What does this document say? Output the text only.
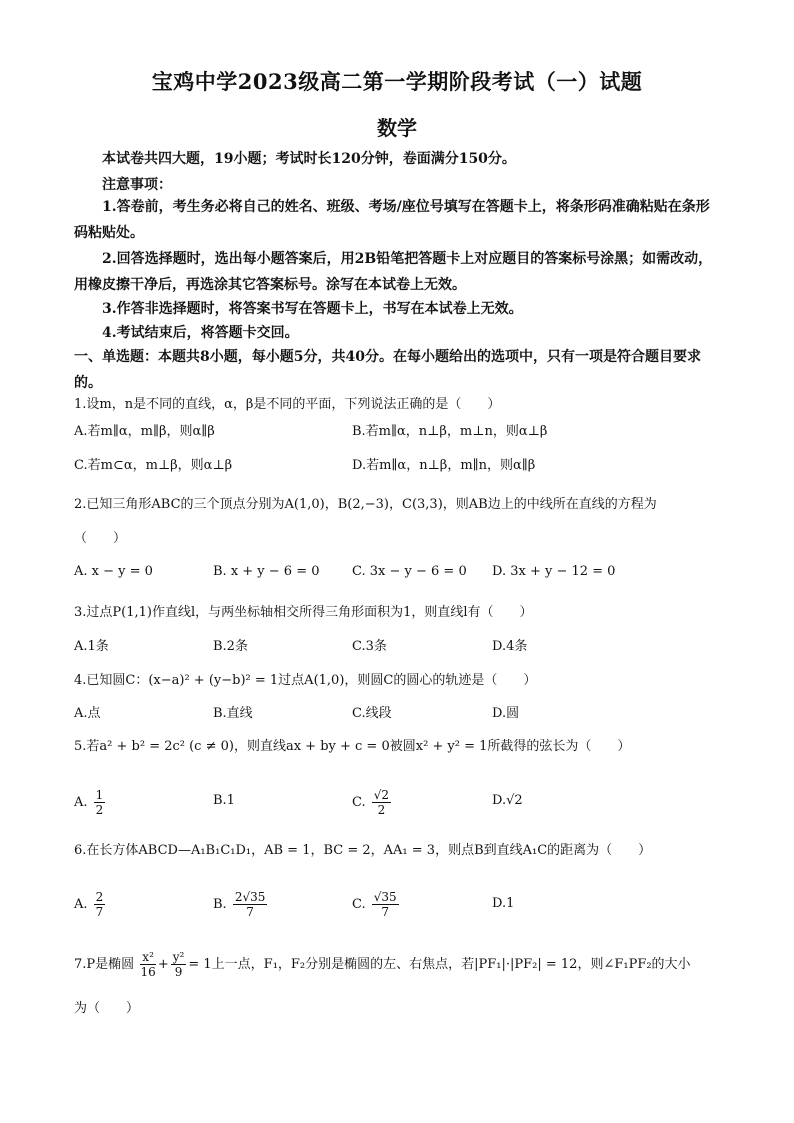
宝鸡中学2023级高二第一学期阶段考试（一）试题
数学
本试卷共四大题，19小题；考试时长120分钟，卷面满分150分。
注意事项：
1.答卷前，考生务必将自己的姓名、班级、考场/座位号填写在答题卡上，将条形码准确粘贴在条形码粘贴处。
2.回答选择题时，选出每小题答案后，用2B铅笔把答题卡上对应题目的答案标号涂黑；如需改动，用橡皮擦干净后，再选涂其它答案标号。涂写在本试卷上无效。
3.作答非选择题时，将答案书写在答题卡上，书写在本试卷上无效。
4.考试结束后，将答题卡交回。
一、单选题：本题共8小题，每小题5分，共40分。在每小题给出的选项中，只有一项是符合题目要求的。
1.设m，n是不同的直线，α，β是不同的平面，下列说法正确的是（　　）
A.若m∥α，m∥β，则α∥β	B.若m∥α，n⊥β，m⊥n，则α⊥β
C.若m⊂α，m⊥β，则α⊥β	D.若m∥α，n⊥β，m∥n，则α∥β
2.已知三角形ABC的三个顶点分别为A(1,0)，B(2,−3)，C(3,3)，则AB边上的中线所在直线的方程为
（　　）
A. x − y = 0	B. x + y − 6 = 0 C. 3x − y − 6 = 0 D. 3x + y − 12 = 0
3.过点P(1,1)作直线l，与两坐标轴相交所得三角形面积为1，则直线l有（　　）
A.1条	B.2条	C.3条	D.4条
4.已知圆C：(x−a)² + (y−b)² = 1过点A(1,0)，则圆C的圆心的轨迹是（　　）
A.点	B.直线	C.线段	D.圆
5.若a² + b² = 2c² (c ≠ 0)，则直线ax + by + c = 0被圆x² + y² = 1所截得的弦长为（　　）
A. $\frac{1}{2}$	B.1	C. $\frac{√2}{2}$	D.√2
6.在长方体ABCD—A₁B₁C₁D₁，AB = 1，BC = 2，AA₁ = 3，则点B到直线A₁C的距离为（　　）
A. $\frac{2}{7}$	B. $\frac{2√35}{7}$	C. $\frac{√35}{7}$	D.1
7.P是椭圆 $\frac{\text{x²}}{16} + \frac{\text{y²}}{9} = 1$上一点，F₁，F₂分别是椭圆的左、右焦点，若|PF₁|·|PF₂| = 12，则∠F₁PF₂的大小
为（　　）
